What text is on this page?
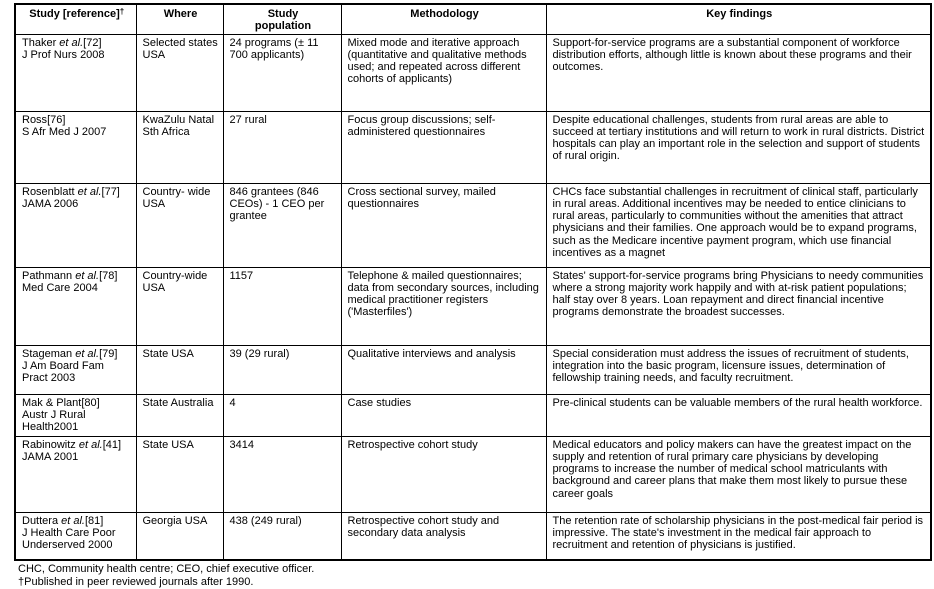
Study [reference]†	Where	Study population	Methodology	Key findings

Thaker et al.[72]
J Prof Nurs 2008	Selected states USA	24 programs (± 11 700 applicants)	Mixed mode and iterative approach (quantitative and qualitative methods used; and repeated across different cohorts of applicants)	Support-for-service programs are a substantial component of workforce distribution efforts, although little is known about these programs and their outcomes.

Ross[76]
S Afr Med J 2007	KwaZulu Natal Sth Africa	27 rural	Focus group discussions; self-administered questionnaires	Despite educational challenges, students from rural areas are able to succeed at tertiary institutions and will return to work in rural districts. District hospitals can play an important role in the selection and support of students of rural origin.

Rosenblatt et al.[77]
JAMA 2006	Country- wide USA	846 grantees (846 CEOs) - 1 CEO per grantee	Cross sectional survey, mailed questionnaires	CHCs face substantial challenges in recruitment of clinical staff, particularly in rural areas. Additional incentives may be needed to entice clinicians to rural areas, particularly to communities without the amenities that attract physicians and their families. One approach would be to expand programs, such as the Medicare incentive payment program, which use financial incentives as a magnet

Pathmann et al.[78]
Med Care 2004	Country-wide USA	1157	Telephone & mailed questionnaires; data from secondary sources, including medical practitioner registers ('Masterfiles')	States' support-for-service programs bring Physicians to needy communities where a strong majority work happily and with at-risk patient populations; half stay over 8 years. Loan repayment and direct financial incentive programs demonstrate the broadest successes.

Stageman et al.[79]
J Am Board Fam Pract 2003	State USA	39 (29 rural)	Qualitative interviews and analysis	Special consideration must address the issues of recruitment of students, integration into the basic program, licensure issues, determination of fellowship training needs, and faculty recruitment.

Mak & Plant[80]
Austr J Rural Health2001	State Australia	4	Case studies	Pre-clinical students can be valuable members of the rural health workforce.

Rabinowitz et al.[41]
JAMA 2001	State USA	3414	Retrospective cohort study	Medical educators and policy makers can have the greatest impact on the supply and retention of rural primary care physicians by developing programs to increase the number of medical school matriculants with background and career plans that make them most likely to pursue these career goals

Duttera et al.[81]
J Health Care Poor Underserved 2000	Georgia USA	438 (249 rural)	Retrospective cohort study and secondary data analysis	The retention rate of scholarship physicians in the post-medical fair period is impressive. The state's investment in the medical fair approach to recruitment and retention of physicians is justified.
CHC, Community health centre; CEO, chief executive officer.
†Published in peer reviewed journals after 1990.
